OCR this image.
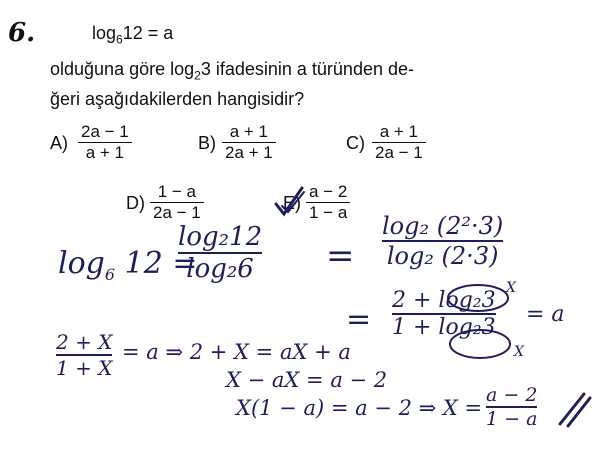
6.	$\log_612 = a$
olduğuna göre $\log_23$ ifadesinin a türünden de-
ğeri aşağıdakilerden hangisidir?
$A) \frac{2a - 1}{a + 1}$	$B) \frac{a + 1}{2a + 1}$	$C) \frac{a + 1}{2a - 1}$
$D) \frac{1 - a}{2a - 1}$	$E) \frac{a - 2}{1 - a}$
$\log_6 12$ =
$\frac{\text{log₂12}}{\text{log₂6}} = \frac{\text{log₂ (2²·3)}}{\text{log₂ (2·3)}}$
= $\frac{\text{2 + log₂3}}{\text{1 + log₂3}} = a$
X
X
$\frac{2 + X}{1 + X} = a$ ⇒ 2 + X = aX + a
X − aX = a − 2
X(1 − a) = a − 2 ⇒ $X = \frac{a - 2}{1 - a}$
